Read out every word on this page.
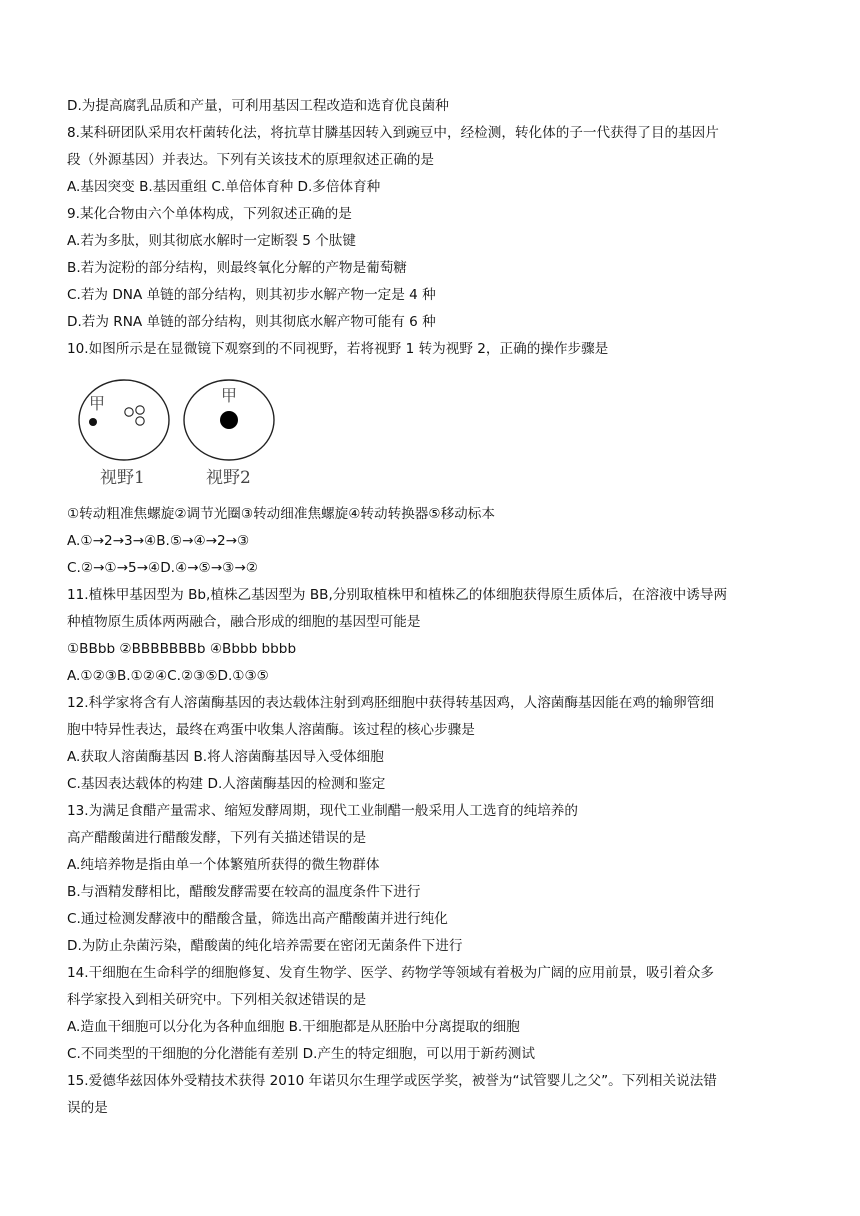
D.为提高腐乳品质和产量，可利用基因工程改造和选育优良菌种
8.某科研团队采用农杆菌转化法，将抗草甘膦基因转入到豌豆中，经检测，转化体的子一代获得了目的基因片
段（外源基因）并表达。下列有关该技术的原理叙述正确的是
A.基因突变 B.基因重组 C.单倍体育种 D.多倍体育种
9.某化合物由六个单体构成，下列叙述正确的是
A.若为多肽，则其彻底水解时一定断裂 5 个肽键
B.若为淀粉的部分结构，则最终氧化分解的产物是葡萄糖
C.若为 DNA 单链的部分结构，则其初步水解产物一定是 4 种
D.若为 RNA 单链的部分结构，则其彻底水解产物可能有 6 种
10.如图所示是在显微镜下观察到的不同视野，若将视野 1 转为视野 2，正确的操作步骤是
甲	甲
视野1	视野2
①转动粗准焦螺旋②调节光圈③转动细准焦螺旋④转动转换器⑤移动标本
A.①→2→3→④B.⑤→④→2→③
C.②→①→5→④D.④→⑤→③→②
11.植株甲基因型为 Bb,植株乙基因型为 BB,分别取植株甲和植株乙的体细胞获得原生质体后，在溶液中诱导两
种植物原生质体两两融合，融合形成的细胞的基因型可能是
①BBbb ②BBBBBBBb ④Bbbb bbbb
A.①②③B.①②④C.②③⑤D.①③⑤
12.科学家将含有人溶菌酶基因的表达载体注射到鸡胚细胞中获得转基因鸡，人溶菌酶基因能在鸡的输卵管细
胞中特异性表达，最终在鸡蛋中收集人溶菌酶。该过程的核心步骤是
A.获取人溶菌酶基因 B.将人溶菌酶基因导入受体细胞
C.基因表达载体的构建 D.人溶菌酶基因的检测和鉴定
13.为满足食醋产量需求、缩短发酵周期，现代工业制醋一般采用人工选育的纯培养的
高产醋酸菌进行醋酸发酵，下列有关描述错误的是
A.纯培养物是指由单一个体繁殖所获得的微生物群体
B.与酒精发酵相比，醋酸发酵需要在较高的温度条件下进行
C.通过检测发酵液中的醋酸含量，筛选出高产醋酸菌并进行纯化
D.为防止杂菌污染，醋酸菌的纯化培养需要在密闭无菌条件下进行
14.干细胞在生命科学的细胞修复、发育生物学、医学、药物学等领域有着极为广阔的应用前景，吸引着众多
科学家投入到相关研究中。下列相关叙述错误的是
A.造血干细胞可以分化为各种血细胞 B.干细胞都是从胚胎中分离提取的细胞
C.不同类型的干细胞的分化潜能有差别 D.产生的特定细胞，可以用于新药测试
15.爱德华兹因体外受精技术获得 2010 年诺贝尔生理学或医学奖，被誉为“试管婴儿之父”。下列相关说法错
误的是
